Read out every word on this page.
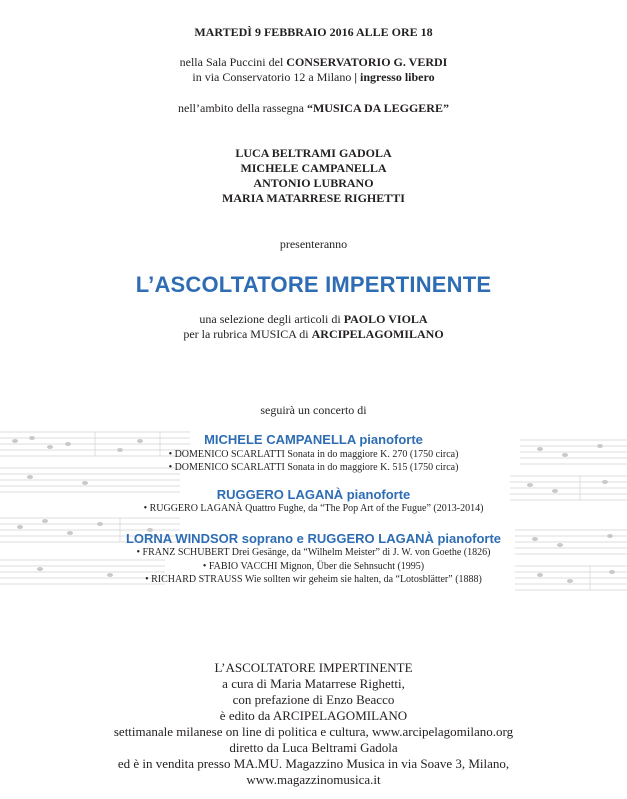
MARTEDÌ 9 FEBBRAIO 2016 ALLE ORE 18
nella Sala Puccini del CONSERVATORIO G. VERDI
in via Conservatorio 12 a Milano | ingresso libero
nell’ambito della rassegna “MUSICA DA LEGGERE”
LUCA BELTRAMI GADOLA
MICHELE CAMPANELLA
ANTONIO LUBRANO
MARIA MATARRESE RIGHETTI
presenteranno
L’ASCOLTATORE IMPERTINENTE
una selezione degli articoli di PAOLO VIOLA
per la rubrica MUSICA di ARCIPELAGOMILANO
seguirà un concerto di
MICHELE CAMPANELLA pianoforte
• DOMENICO SCARLATTI Sonata in do maggiore K. 270 (1750 circa)
• DOMENICO SCARLATTI Sonata in do maggiore K. 515 (1750 circa)
RUGGERO LAGANÀ pianoforte
• RUGGERO LAGANÀ Quattro Fughe, da “The Pop Art of the Fugue” (2013-2014)
LORNA WINDSOR soprano e RUGGERO LAGANÀ pianoforte
• FRANZ SCHUBERT Drei Gesänge, da “Wilhelm Meister” di J. W. von Goethe (1826)
• FABIO VACCHI Mignon, Über die Sehnsucht (1995)
• RICHARD STRAUSS Wie sollten wir geheim sie halten, da “Lotosblätter” (1888)
L’ASCOLTATORE IMPERTINENTE
a cura di Maria Matarrese Righetti,
con prefazione di Enzo Beacco
è edito da ARCIPELAGOMILANO
settimanale milanese on line di politica e cultura, www.arcipelagomilano.org
diretto da Luca Beltrami Gadola
ed è in vendita presso MA.MU. Magazzino Musica in via Soave 3, Milano,
www.magazzinomusica.it
